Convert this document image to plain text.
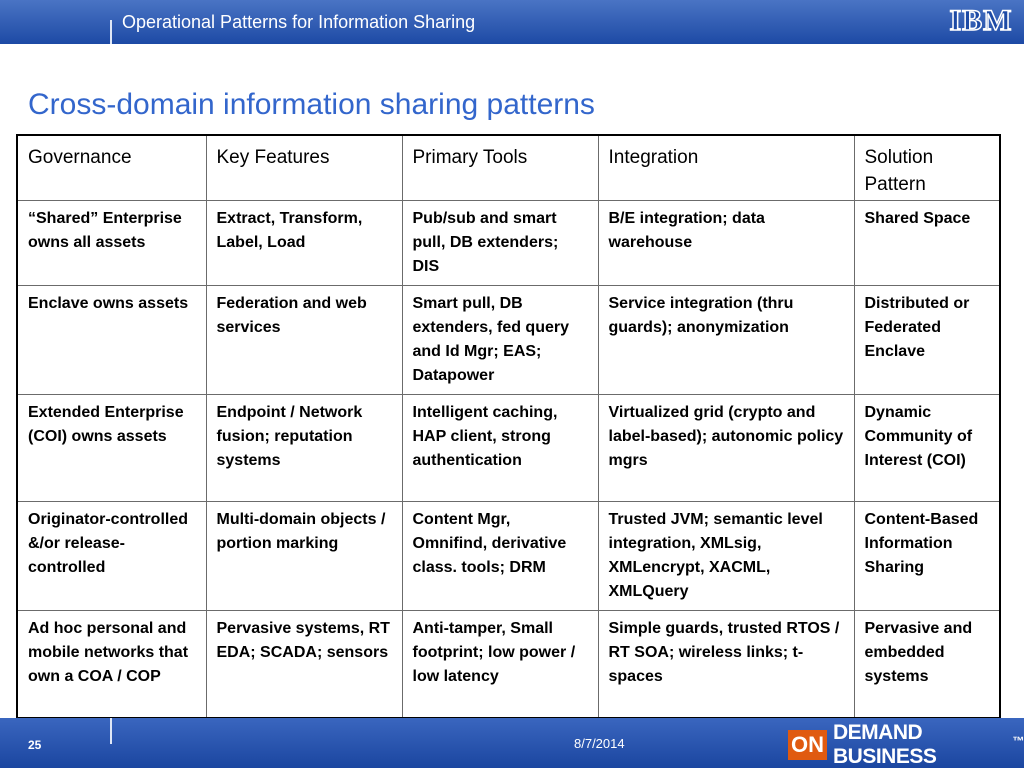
Operational Patterns for Information Sharing	IBM
Cross-domain information sharing patterns
Governance	Key Features	Primary Tools	Integration	Solution Pattern
“Shared” Enterprise owns all assets	Extract, Transform, Label, Load	Pub/sub and smart pull, DB extenders; DIS	B/E integration; data warehouse	Shared Space
Enclave owns assets	Federation and web services	Smart pull, DB extenders, fed query and Id Mgr; EAS; Datapower	Service integration (thru guards); anonymization	Distributed or Federated Enclave
Extended Enterprise (COI) owns assets	Endpoint / Network fusion; reputation systems	Intelligent caching, HAP client, strong authentication	Virtualized grid (crypto and label-based); autonomic policy mgrs	Dynamic Community of Interest (COI)
Originator-controlled &/or release-controlled	Multi-domain objects / portion marking	Content Mgr, Omnifind, derivative class. tools; DRM	Trusted JVM; semantic level integration, XMLsig, XMLencrypt, XACML, XMLQuery	Content-Based Information Sharing
Ad hoc personal and mobile networks that own a COA / COP	Pervasive systems, RT EDA; SCADA; sensors	Anti-tamper, Small footprint; low power / low latency	Simple guards, trusted RTOS / RT SOA; wireless links; t-spaces	Pervasive and embedded systems
25	8/7/2014	ON DEMAND BUSINESS
™
